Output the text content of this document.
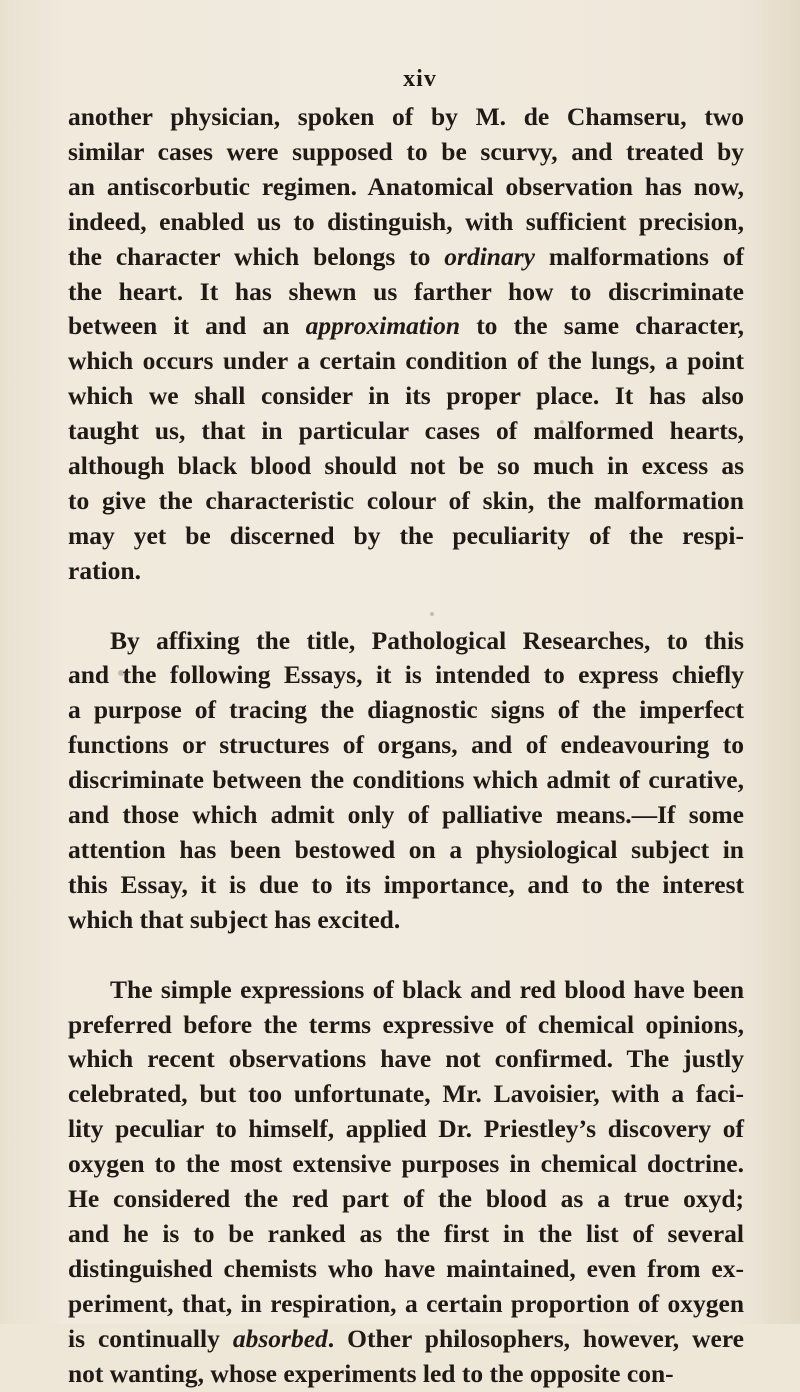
xiv
another physician, spoken of by M. de Chamseru, two
similar cases were supposed to be scurvy, and treated by
an antiscorbutic regimen. Anatomical observation has now,
indeed, enabled us to distinguish, with sufficient precision,
the character which belongs to ordinary malformations of
the heart. It has shewn us farther how to discriminate
between it and an approximation to the same character,
which occurs under a certain condition of the lungs, a point
which we shall consider in its proper place. It has also
taught us, that in particular cases of malformed hearts,
although black blood should not be so much in excess as
to give the characteristic colour of skin, the malformation
may yet be discerned by the peculiarity of the respi-
ration.
By affixing the title, Pathological Researches, to this
and the following Essays, it is intended to express chiefly
a purpose of tracing the diagnostic signs of the imperfect
functions or structures of organs, and of endeavouring to
discriminate between the conditions which admit of curative,
and those which admit only of palliative means.—If some
attention has been bestowed on a physiological subject in
this Essay, it is due to its importance, and to the interest
which that subject has excited.
The simple expressions of black and red blood have been
preferred before the terms expressive of chemical opinions,
which recent observations have not confirmed. The justly
celebrated, but too unfortunate, Mr. Lavoisier, with a faci-
lity peculiar to himself, applied Dr. Priestley’s discovery of
oxygen to the most extensive purposes in chemical doctrine.
He considered the red part of the blood as a true oxyd;
and he is to be ranked as the first in the list of several
distinguished chemists who have maintained, even from ex-
periment, that, in respiration, a certain proportion of oxygen
is continually absorbed. Other philosophers, however, were
not wanting, whose experiments led to the opposite con-
